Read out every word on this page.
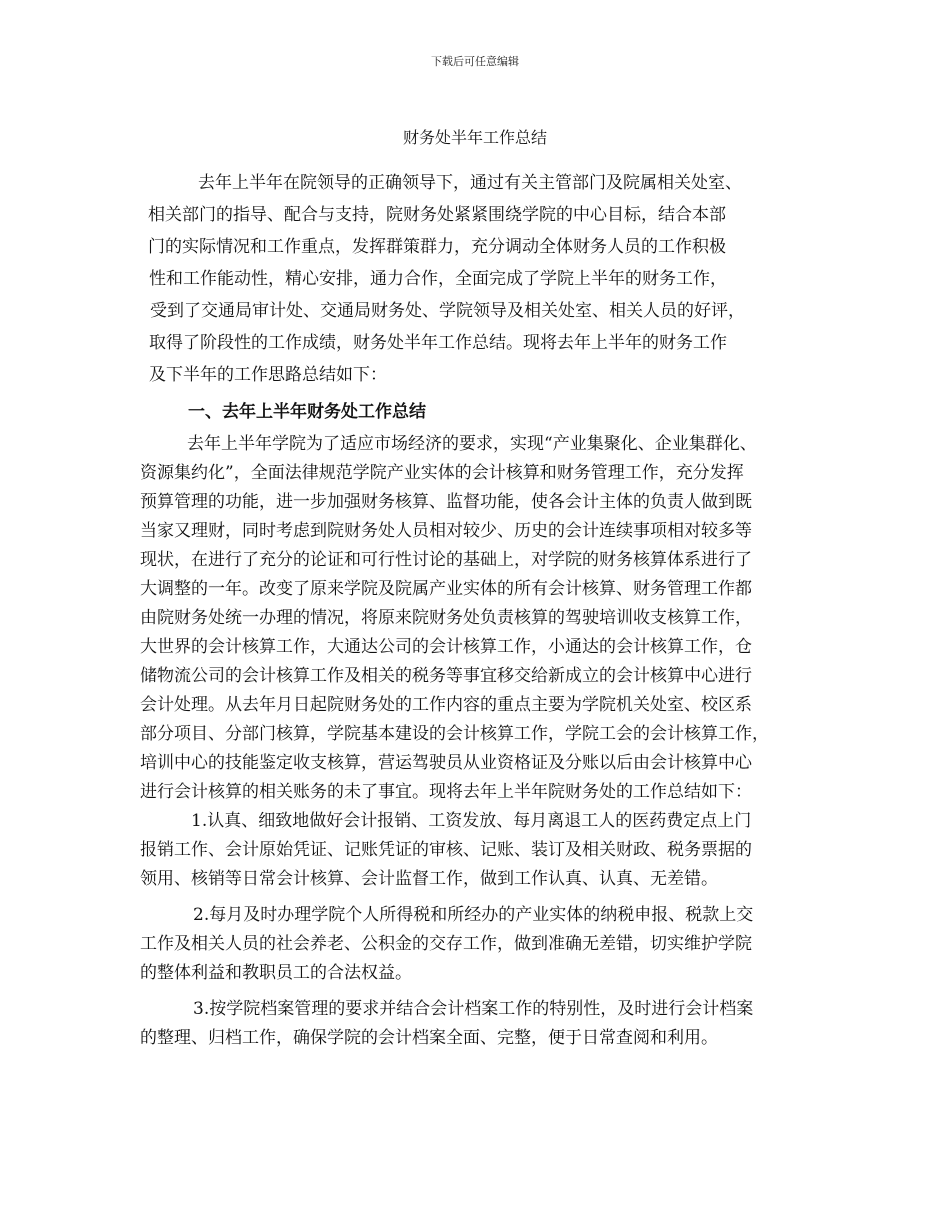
下载后可任意编辑
财务处半年工作总结
去年上半年在院领导的正确领导下，通过有关主管部门及院属相关处室、
相关部门的指导、配合与支持，院财务处紧紧围绕学院的中心目标，结合本部
门的实际情况和工作重点，发挥群策群力，充分调动全体财务人员的工作积极
性和工作能动性，精心安排，通力合作，全面完成了学院上半年的财务工作，
受到了交通局审计处、交通局财务处、学院领导及相关处室、相关人员的好评，
取得了阶段性的工作成绩，财务处半年工作总结。现将去年上半年的财务工作
及下半年的工作思路总结如下：
一、去年上半年财务处工作总结
去年上半年学院为了适应市场经济的要求，实现“产业集聚化、企业集群化、
资源集约化”，全面法律规范学院产业实体的会计核算和财务管理工作，充分发挥
预算管理的功能，进一步加强财务核算、监督功能，使各会计主体的负责人做到既
当家又理财，同时考虑到院财务处人员相对较少、历史的会计连续事项相对较多等
现状，在进行了充分的论证和可行性讨论的基础上，对学院的财务核算体系进行了
大调整的一年。改变了原来学院及院属产业实体的所有会计核算、财务管理工作都
由院财务处统一办理的情况，将原来院财务处负责核算的驾驶培训收支核算工作，
大世界的会计核算工作，大通达公司的会计核算工作，小通达的会计核算工作，仓
储物流公司的会计核算工作及相关的税务等事宜移交给新成立的会计核算中心进行
会计处理。从去年月日起院财务处的工作内容的重点主要为学院机关处室、校区系
部分项目、分部门核算，学院基本建设的会计核算工作，学院工会的会计核算工作，
培训中心的技能鉴定收支核算，营运驾驶员从业资格证及分账以后由会计核算中心
进行会计核算的相关账务的未了事宜。现将去年上半年院财务处的工作总结如下：
1.认真、细致地做好会计报销、工资发放、每月离退工人的医药费定点上门
报销工作、会计原始凭证、记账凭证的审核、记账、装订及相关财政、税务票据的
领用、核销等日常会计核算、会计监督工作，做到工作认真、认真、无差错。
2.每月及时办理学院个人所得税和所经办的产业实体的纳税申报、税款上交
工作及相关人员的社会养老、公积金的交存工作，做到准确无差错，切实维护学院
的整体利益和教职员工的合法权益。
3.按学院档案管理的要求并结合会计档案工作的特别性，及时进行会计档案
的整理、归档工作，确保学院的会计档案全面、完整，便于日常查阅和利用。
